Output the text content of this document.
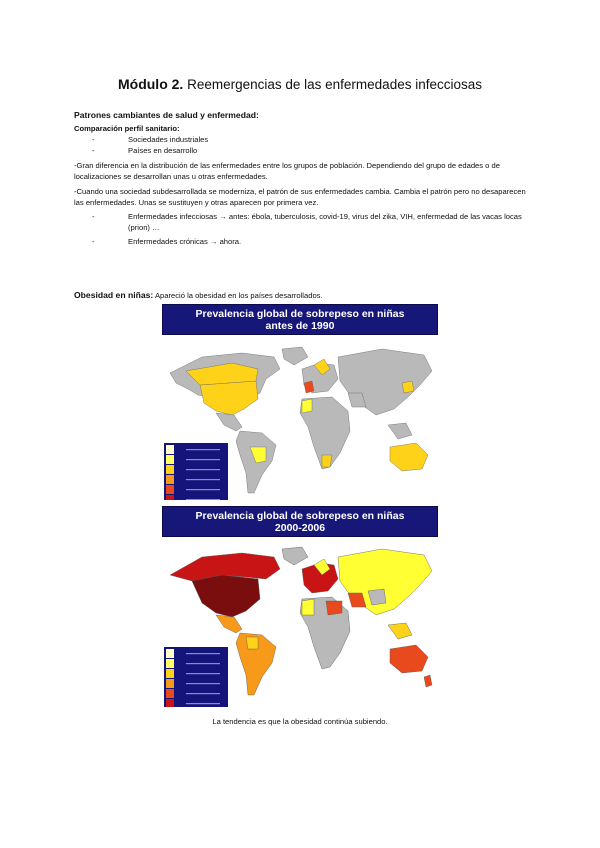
Módulo 2. Reemergencias de las enfermedades infecciosas
Patrones cambiantes de salud y enfermedad:
Comparación perfil sanitario:
-	Sociedades industriales
-	Países en desarrollo
-Gran diferencia en la distribución de las enfermedades entre los grupos de población. Dependiendo del grupo de edades o de localizaciones se desarrollan unas u otras enfermedades.
-Cuando una sociedad subdesarrollada se moderniza, el patrón de sus enfermedades cambia. Cambia el patrón pero no desaparecen las enfermedades. Unas se sustituyen y otras aparecen por primera vez.
-	Enfermedades infecciosas → antes: ébola, tuberculosis, covid-19, virus del zika, VIH, enfermedad de las vacas locas (prion) …
-	Enfermedades crónicas → ahora.
Obesidad en niñas: Apareció la obesidad en los países desarrollados.
Prevalencia global de sobrepeso en niñas
antes de 1990
Prevalencia global de sobrepeso en niñas
2000-2006
La tendencia es que la obesidad continúa subiendo.
